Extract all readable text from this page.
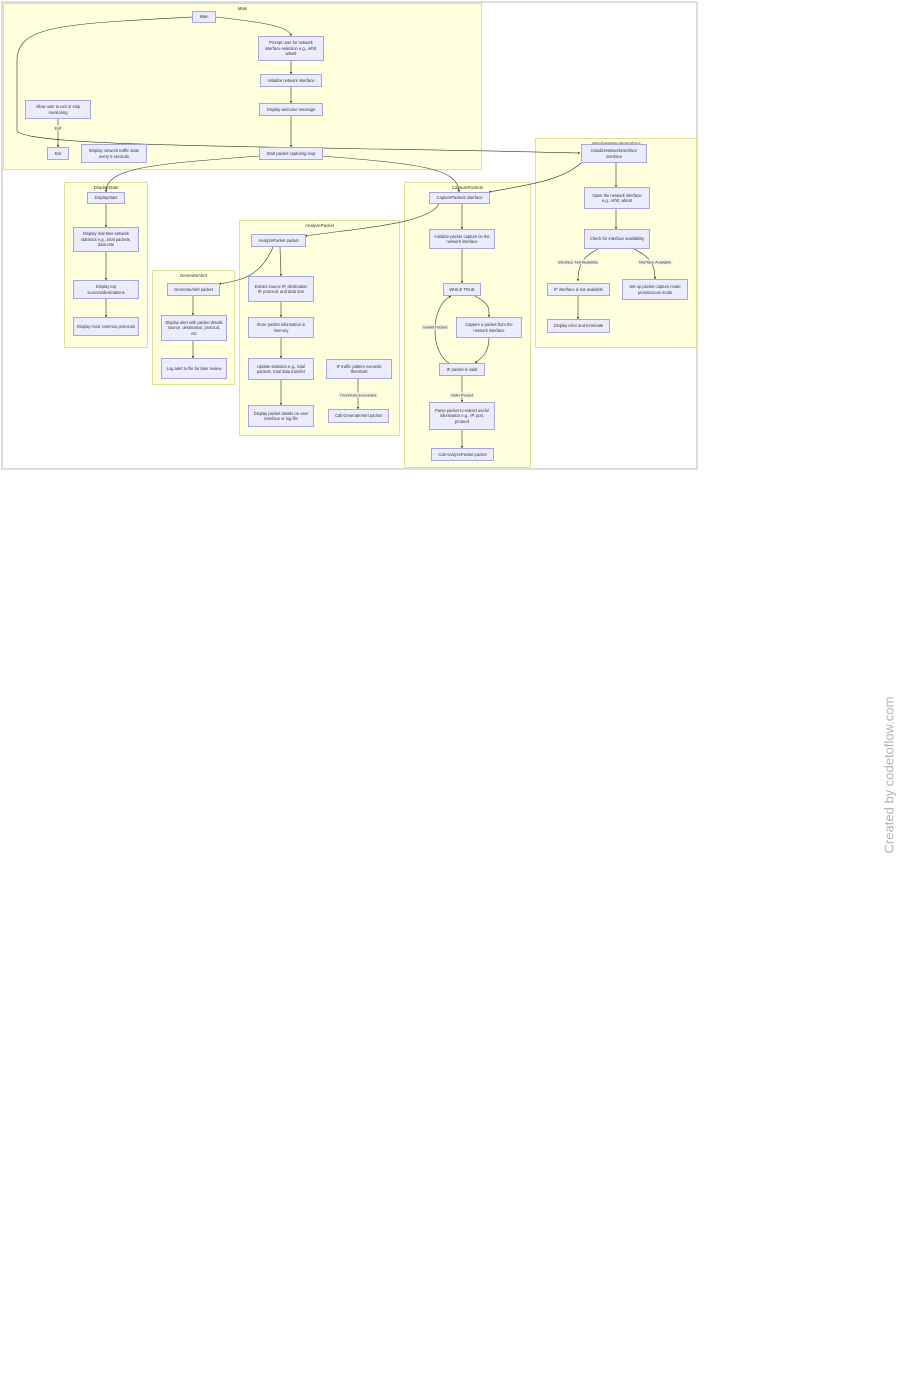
Main
DisplayStats	CapturePackets
AnalyzePacket
GenerateAlert
Exit
Invalid Packet
Valid Packet
Threshold Exceeded
Interface Not Available	Interface Available
Main
Prompt user for network interface selection e.g., eth0, wlan0
Initialize network interface
Display welcome message
Allow user to exit or stop monitoring
Exit
Display network traffic stats every 5 seconds
Start packet capturing loop
DisplayStats
Display real-time network statistics e.g., total packets, data rate
Display top sources/destinations
Display most common protocols
CapturePackets interface
Initialize packet capture on the network interface
WHILE TRUE
Capture a packet from the network interface
IF packet is valid
Parse packet to extract useful information e.g., IP, port, protocol
Call AnalyzePacket packet
AnalyzePacket packet
Extract source IP, destination IP, protocol, and data size
Store packet information in memory
Update statistics e.g., total packets, total data transfer
IF traffic pattern exceeds threshold
Call GenerateAlert packet
Display packet details on user interface or log file
GenerateAlert packet
Display alert with packet details source, destination, protocol, etc
Log alert to file for later review
InitializeNetworkInterface interface
Open the network interface e.g., eth0, wlan0
Check for interface availability
IF interface is not available
Display error and terminate
Set up packet capture mode promiscuous mode
Created by codetoflow.com
